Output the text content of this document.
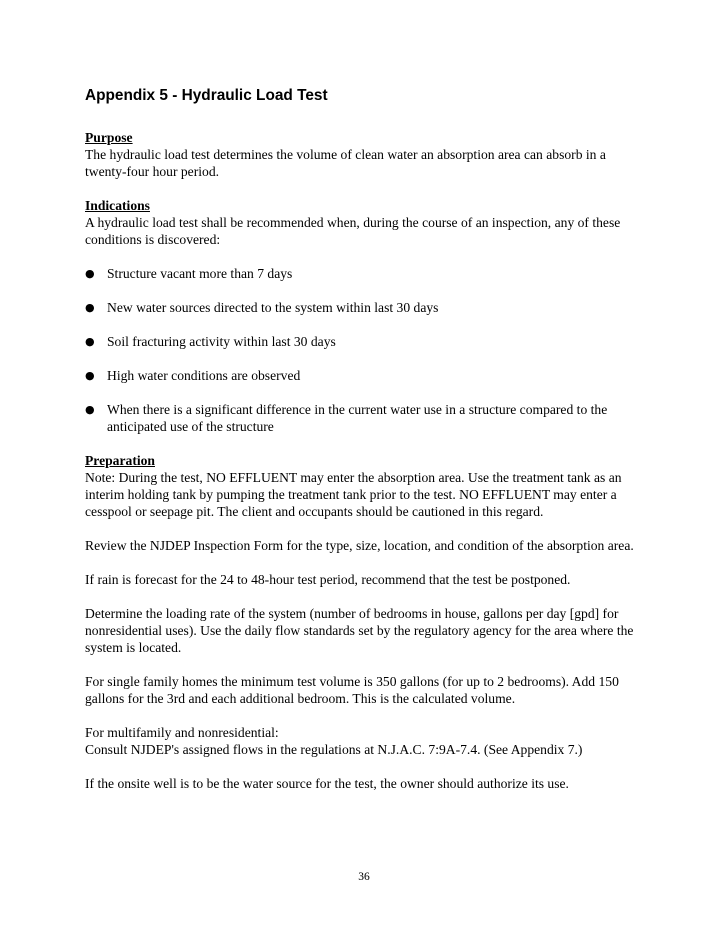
Appendix 5 - Hydraulic Load Test
Purpose

The hydraulic load test determines the volume of clean water an absorption area can absorb in a twenty-four hour period.

Indications

A hydraulic load test shall be recommended when, during the course of an inspection, any of these conditions is discovered:

● Structure vacant more than 7 days
● New water sources directed to the system within last 30 days
● Soil fracturing activity within last 30 days
● High water conditions are observed
● When there is a significant difference in the current water use in a structure compared to the anticipated use of the structure
Preparation

Note: During the test, NO EFFLUENT may enter the absorption area. Use the treatment tank as an interim holding tank by pumping the treatment tank prior to the test. NO EFFLUENT may enter a cesspool or seepage pit. The client and occupants should be cautioned in this regard.

Review the NJDEP Inspection Form for the type, size, location, and condition of the absorption area.

If rain is forecast for the 24 to 48-hour test period, recommend that the test be postponed.

Determine the loading rate of the system (number of bedrooms in house, gallons per day [gpd] for nonresidential uses). Use the daily flow standards set by the regulatory agency for the area where the system is located.

For single family homes the minimum test volume is 350 gallons (for up to 2 bedrooms). Add 150 gallons for the 3rd and each additional bedroom. This is the calculated volume.

For multifamily and nonresidential:

Consult NJDEP's assigned flows in the regulations at N.J.A.C. 7:9A-7.4. (See Appendix 7.)

If the onsite well is to be the water source for the test, the owner should authorize its use.

36
